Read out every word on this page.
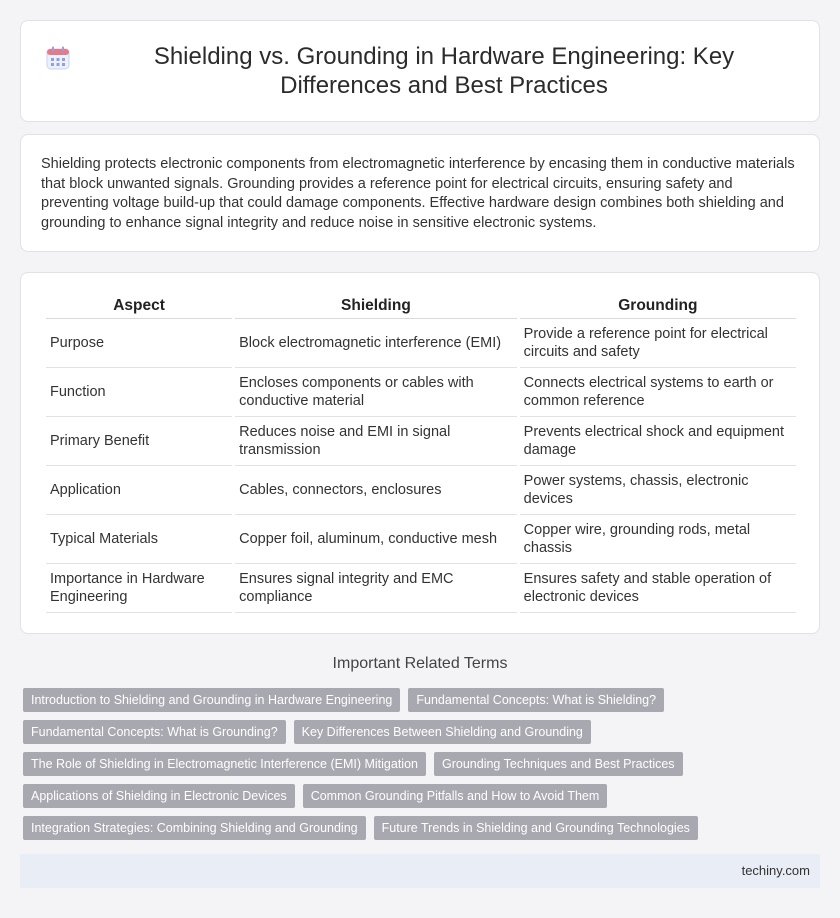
Shielding vs. Grounding in Hardware Engineering: Key Differences and Best Practices

Shielding protects electronic components from electromagnetic interference by encasing them in conductive materials that block unwanted signals. Grounding provides a reference point for electrical circuits, ensuring safety and preventing voltage build-up that could damage components. Effective hardware design combines both shielding and grounding to enhance signal integrity and reduce noise in sensitive electronic systems.

Aspect	Shielding	Grounding
Purpose	Block electromagnetic interference (EMI)	Provide a reference point for electrical circuits and safety
Function	Encloses components or cables with conductive material	Connects electrical systems to earth or common reference
Primary Benefit	Reduces noise and EMI in signal transmission	Prevents electrical shock and equipment damage
Application	Cables, connectors, enclosures	Power systems, chassis, electronic devices
Typical Materials	Copper foil, aluminum, conductive mesh	Copper wire, grounding rods, metal chassis
Importance in Hardware Engineering	Ensures signal integrity and EMC compliance	Ensures safety and stable operation of electronic devices
Important Related Terms
Introduction to Shielding and Grounding in Hardware Engineering	Fundamental Concepts: What is Shielding?
Fundamental Concepts: What is Grounding?	Key Differences Between Shielding and Grounding
The Role of Shielding in Electromagnetic Interference (EMI) Mitigation	Grounding Techniques and Best Practices
Applications of Shielding in Electronic Devices	Common Grounding Pitfalls and How to Avoid Them
Integration Strategies: Combining Shielding and Grounding	Future Trends in Shielding and Grounding Technologies
techiny.com
